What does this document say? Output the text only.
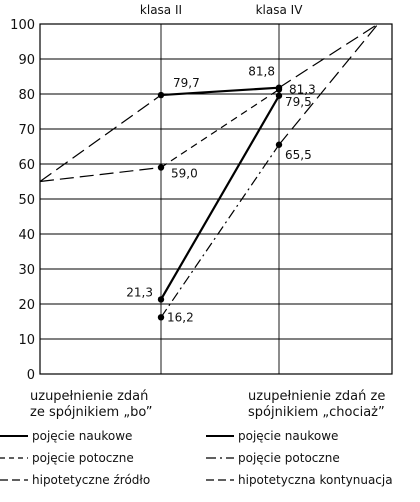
0
10
20
30
40
50
60
70
80
90
100
klasa II	klasa IV
79,7
81,8
59,0
81,3
21,3
79,5
16,2
65,5
uzupełnienie zdań
ze spójnikiem „bo”
uzupełnienie zdań ze
spójnikiem „chociaż”
pojęcie naukowe
pojęcie potoczne
hipotetyczne źródło
pojęcie naukowe
pojęcie potoczne
hipotetyczna kontynuacja
